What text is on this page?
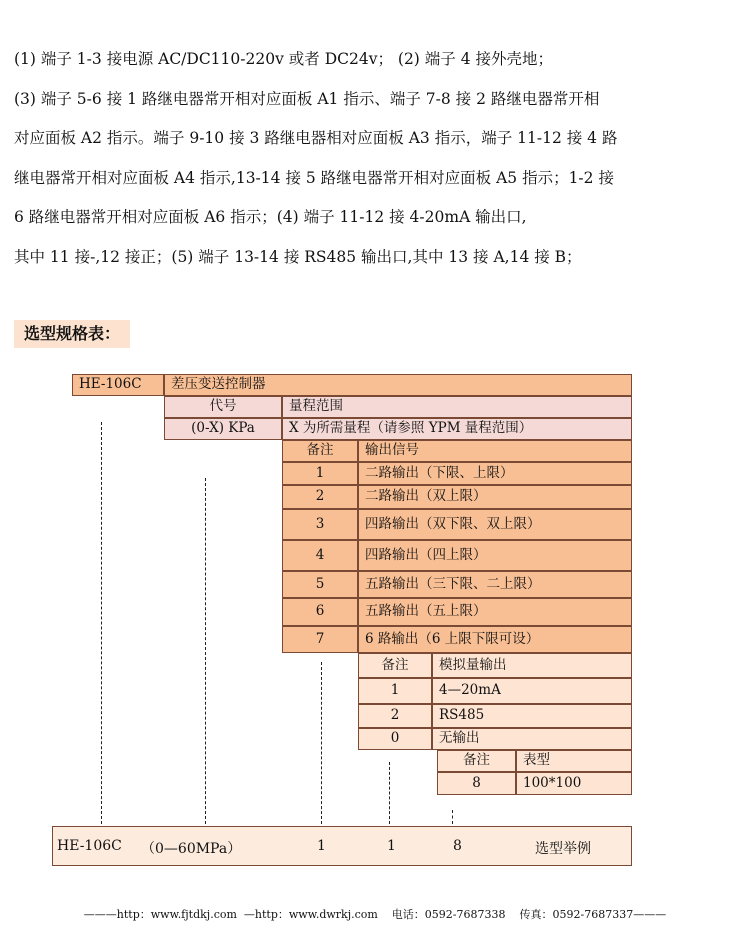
(1) 端子 1-3 接电源 AC/DC110-220v 或者 DC24v； (2) 端子 4 接外壳地；

(3) 端子 5-6 接 1 路继电器常开相对应面板 A1 指示、端子 7-8 接 2 路继电器常开相

对应面板 A2 指示。端子 9-10 接 3 路继电器相对应面板 A3 指示，端子 11-12 接 4 路

继电器常开相对应面板 A4 指示,13-14 接 5 路继电器常开相对应面板 A5 指示；1-2 接

6 路继电器常开相对应面板 A6 指示；(4) 端子 11-12 接 4-20mA 输出口,

其中 11 接-,12 接正；(5) 端子 13-14 接 RS485 输出口,其中 13 接 A,14 接 B；

选型规格表：
HE-106C	差压变送控制器
代号	量程范围
(0-X) KPa	X 为所需量程（请参照 YPM 量程范围）
备注	输出信号
1	二路输出（下限、上限）
2	二路输出（双上限）
3	四路输出（双下限、双上限）
4	四路输出（四上限）
5	五路输出（三下限、二上限）
6	五路输出（五上限）
7	6 路输出（6 上限下限可设）
备注	模拟量输出
1	4—20mA
2	RS485
0	无输出
备注	表型
8	100*100
HE-106C （0—60MPa）	1	1	8	选型举例
———http：www.fjtdkj.com  —http：www.dwrkj.com    电话：0592-7687338    传真：0592-7687337———
